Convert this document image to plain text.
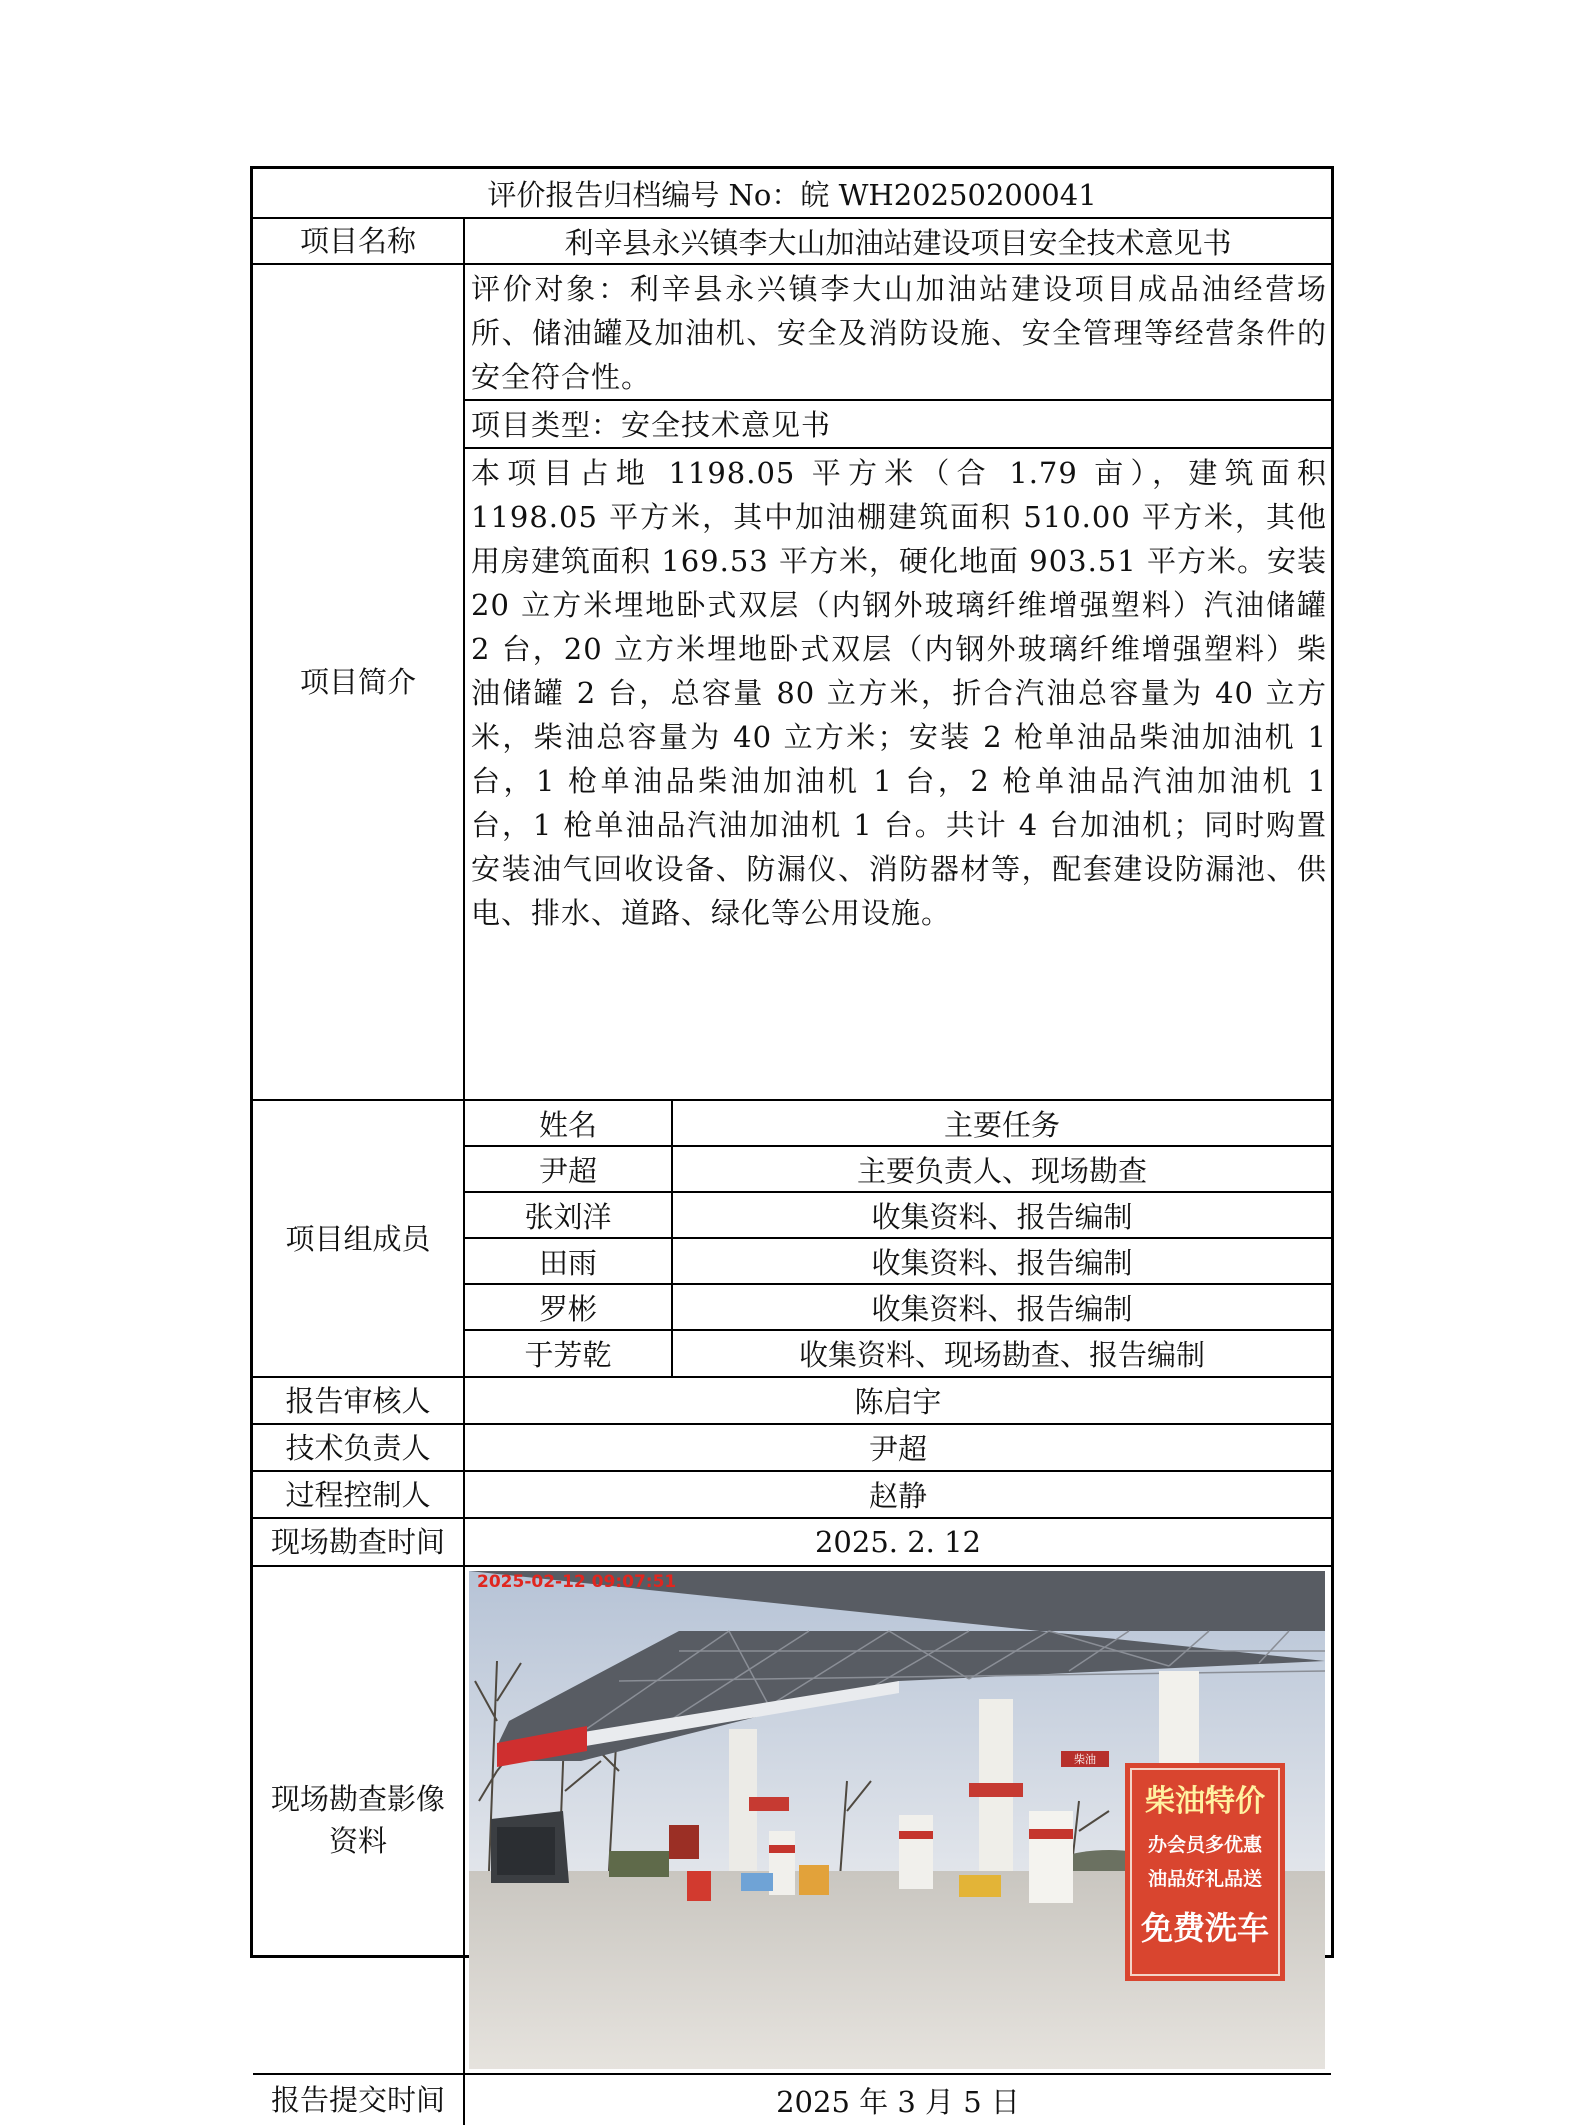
评价报告归档编号 No：皖 WH20250200041
项目名称	利辛县永兴镇李大山加油站建设项目安全技术意见书
项目简介
评价对象：利辛县永兴镇李大山加油站建设项目成品油经营场所、储油罐及加油机、安全及消防设施、安全管理等经营条件的安全符合性。
项目类型：安全技术意见书
本项目占地 1198.05 平方米（合 1.79 亩），建筑面积 1198.05 平方米，其中加油棚建筑面积 510.00 平方米，其他用房建筑面积 169.53 平方米，硬化地面 903.51 平方米。安装 20 立方米埋地卧式双层（内钢外玻璃纤维增强塑料）汽油储罐 2 台，20 立方米埋地卧式双层（内钢外玻璃纤维增强塑料）柴油储罐 2 台，总容量 80 立方米，折合汽油总容量为 40 立方米，柴油总容量为 40 立方米；安装 2 枪单油品柴油加油机 1 台，1 枪单油品柴油加油机 1 台，2 枪单油品汽油加油机 1 台，1 枪单油品汽油加油机 1 台。共计 4 台加油机；同时购置安装油气回收设备、防漏仪、消防器材等，配套建设防漏池、供电、排水、道路、绿化等公用设施。
项目组成员
姓名	主要任务
尹超	主要负责人、现场勘查
张刘洋	收集资料、报告编制
田雨	收集资料、报告编制
罗彬	收集资料、报告编制
于芳乾	收集资料、现场勘查、报告编制
报告审核人	陈启宇
技术负责人	尹超
过程控制人	赵静
现场勘查时间	2025. 2. 12
现场勘查影像资料
柴油
柴油特价
办会员多优惠
油品好礼品送
免费洗车
2025-02-12 09:07:51
报告提交时间	2025 年 3 月 5 日
